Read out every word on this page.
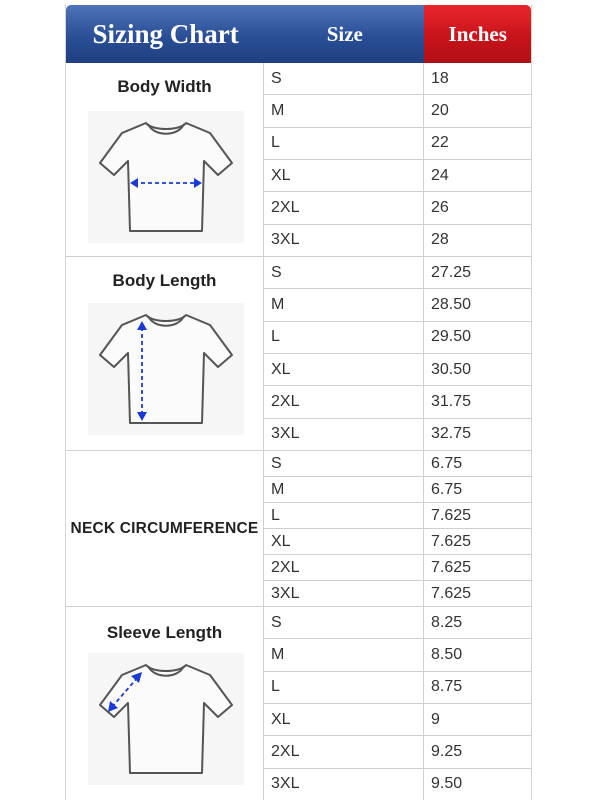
Sizing Chart	Size	Inches
Body Width	S	18
M	20
L	22
XL	24
2XL	26
3XL	28
Body Length	S	27.25
M	28.50
L	29.50
XL	30.50
2XL	31.75
3XL	32.75
NECK CIRCUMFERENCE
S	6.75
M	6.75
L	7.625
XL	7.625
2XL	7.625
3XL	7.625
Sleeve Length
S	8.25
M	8.50
L	8.75
XL	9
2XL	9.25
3XL	9.50
